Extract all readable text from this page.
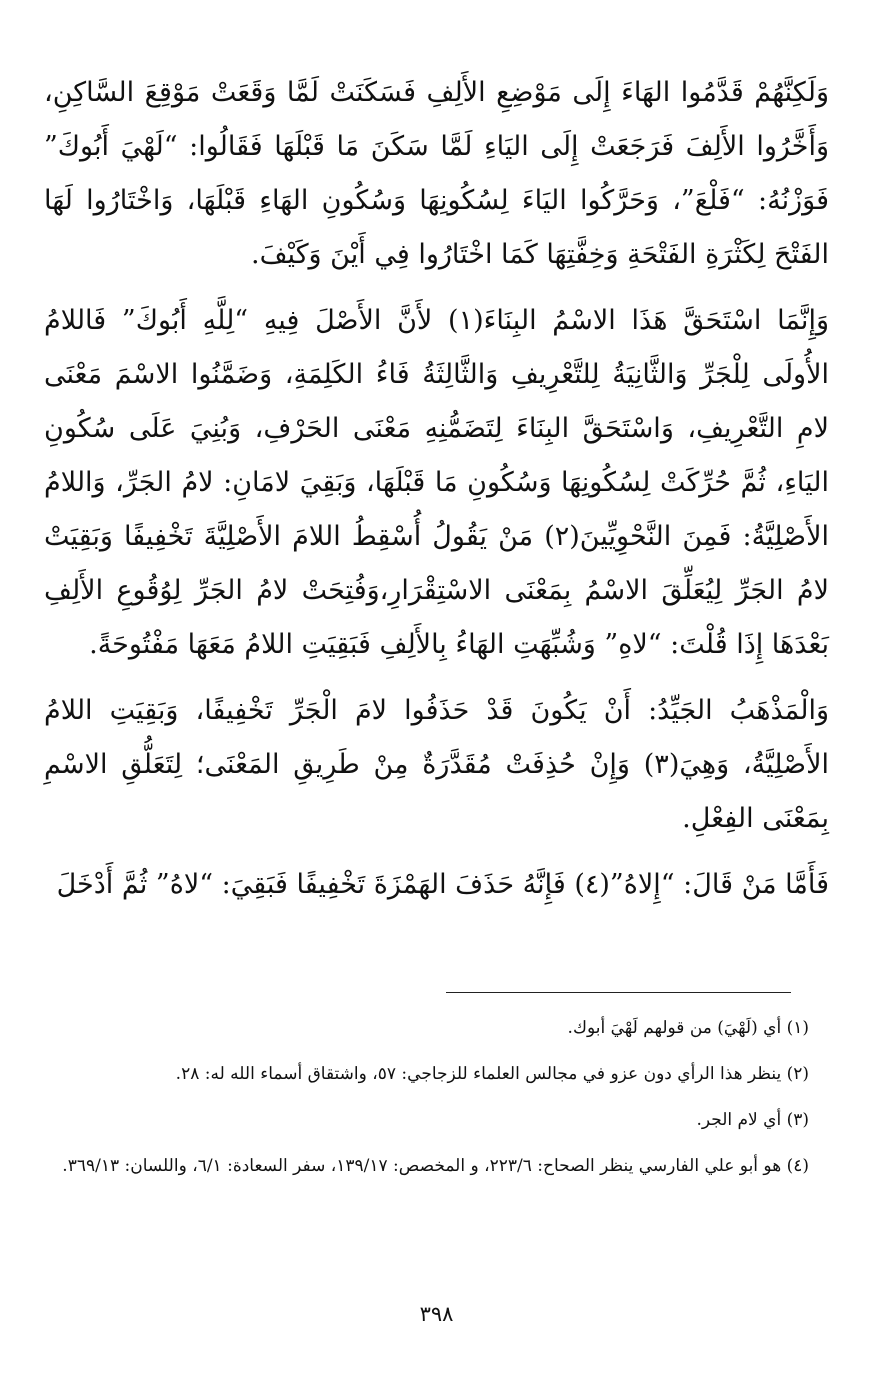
وَلَكِنَّهُمْ قَدَّمُوا الهَاءَ إِلَى مَوْضِعِ الأَلِفِ فَسَكَنَتْ لَمَّا وَقَعَتْ مَوْقِعَ السَّاكِنِ، وَأَخَّرُوا الأَلِفَ فَرَجَعَتْ إِلَى اليَاءِ لَمَّا سَكَنَ مَا قَبْلَهَا فَقَالُوا: “لَهْيَ أَبُوكَ” فَوَزْنُهُ: “فَلْعَ”، وَحَرَّكُوا اليَاءَ لِسُكُونِهَا وَسُكُونِ الهَاءِ قَبْلَهَا، وَاخْتَارُوا لَهَا الفَتْحَ لِكَثْرَةِ الفَتْحَةِ وَخِفَّتِهَا كَمَا اخْتَارُوا فِي أَيْنَ وَكَيْفَ.

وَإِنَّمَا اسْتَحَقَّ هَذَا الاسْمُ البِنَاءَ(١) لأَنَّ الأَصْلَ فِيهِ “لِلَّهِ أَبُوكَ” فَاللامُ الأُولَى لِلْجَرِّ وَالثَّانِيَةُ لِلتَّعْرِيفِ وَالثَّالِثَةُ فَاءُ الكَلِمَةِ، وَضَمَّنُوا الاسْمَ مَعْنَى لامِ التَّعْرِيفِ، وَاسْتَحَقَّ البِنَاءَ لِتَضَمُّنِهِ مَعْنَى الحَرْفِ، وَبُنِيَ عَلَى سُكُونِ اليَاءِ، ثُمَّ حُرِّكَتْ لِسُكُونِهَا وَسُكُونِ مَا قَبْلَهَا، وَبَقِيَ لامَانِ: لامُ الجَرِّ، وَاللامُ الأَصْلِيَّةُ: فَمِنَ النَّحْوِيِّينَ(٢) مَنْ يَقُولُ أُسْقِطُ اللامَ الأَصْلِيَّةَ تَخْفِيفًا وَبَقِيَتْ لامُ الجَرِّ لِيُعَلِّقَ الاسْمُ بِمَعْنَى الاسْتِقْرَارِ،وَفُتِحَتْ لامُ الجَرِّ لِوُقُوعِ الأَلِفِ بَعْدَهَا إِذَا قُلْتَ: “لاهِ” وَشُبِّهَتِ الهَاءُ بِالأَلِفِ فَبَقِيَتِ اللامُ مَعَهَا مَفْتُوحَةً.

وَالْمَذْهَبُ الجَيِّدُ: أَنْ يَكُونَ قَدْ حَذَفُوا لامَ الْجَرِّ تَخْفِيفًا، وَبَقِيَتِ اللامُ الأَصْلِيَّةُ، وَهِيَ(٣) وَإِنْ حُذِفَتْ مُقَدَّرَةٌ مِنْ طَرِيقِ المَعْنَى؛ لِتَعَلُّقِ الاسْمِ بِمَعْنَى الفِعْلِ.

فَأَمَّا مَنْ قَالَ: “إِلاهُ”(٤) فَإِنَّهُ حَذَفَ الهَمْزَةَ تَخْفِيفًا فَبَقِيَ: “لاهُ” ثُمَّ أَدْخَلَ

(١) أي (لَهْيَ) من قولهم لَهْيَ أبوك.

(٢) ينظر هذا الرأي دون عزو في مجالس العلماء للزجاجي: ٥٧، واشتقاق أسماء الله له: ٢٨.

(٣) أي لام الجر.

(٤) هو أبو علي الفارسي ينظر الصحاح: ٢٢٣/٦، و المخصص: ١٣٩/١٧، سفر السعادة: ٦/١، واللسان: ٣٦٩/١٣.

٣٩٨
